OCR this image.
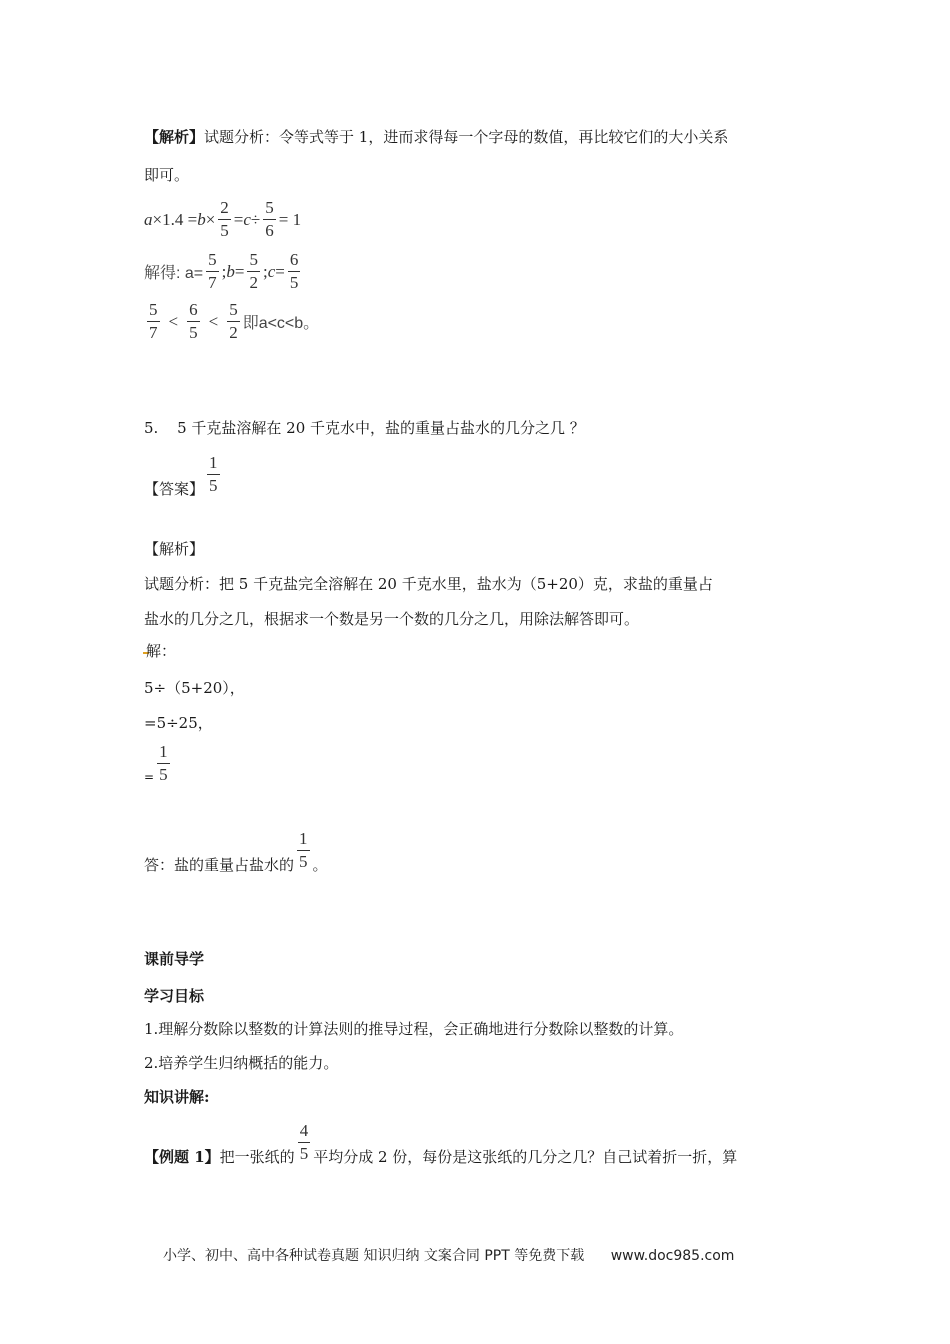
【解析】试题分析：令等式等于 1，进而求得每一个字母的数值，再比较它们的大小关系
即可。
$a \times 1.4 = b \times \frac{2}{5} = c \div \frac{5}{6} = 1$
解得: $a= \frac{5}{7}$ ; $b = \frac{5}{2}$ ; $c = \frac{6}{5}$
$\frac{5}{7} < \frac{6}{5} < \frac{5}{2}$ 即a<c<b。
5. 5 千克盐溶解在 20 千克水中，盐的重量占盐水的几分之几 ？
【答案】 $\frac{1}{5}$
【解析】
试题分析：把 5 千克盐完全溶解在 20 千克水里，盐水为（5+20）克，求盐的重量占
盐水的几分之几，根据求一个数是另一个数的几分之几，用除法解答即可。
解：
5÷（5+20），
=5÷25，
= $\frac{1}{5}$
答：盐的重量占盐水的 $\frac{1}{5}$ 。
课前导学
学习目标
1.理解分数除以整数的计算法则的推导过程，会正确地进行分数除以整数的计算。
2.培养学生归纳概括的能力。
知识讲解:
【例题 1】把一张纸的 $\frac{4}{5}$ 平均分成 2 份，每份是这张纸的几分之几？自己试着折一折，算
小学、初中、高中各种试卷真题 知识归纳 文案合同 PPT 等免费下载 www.doc985.com
